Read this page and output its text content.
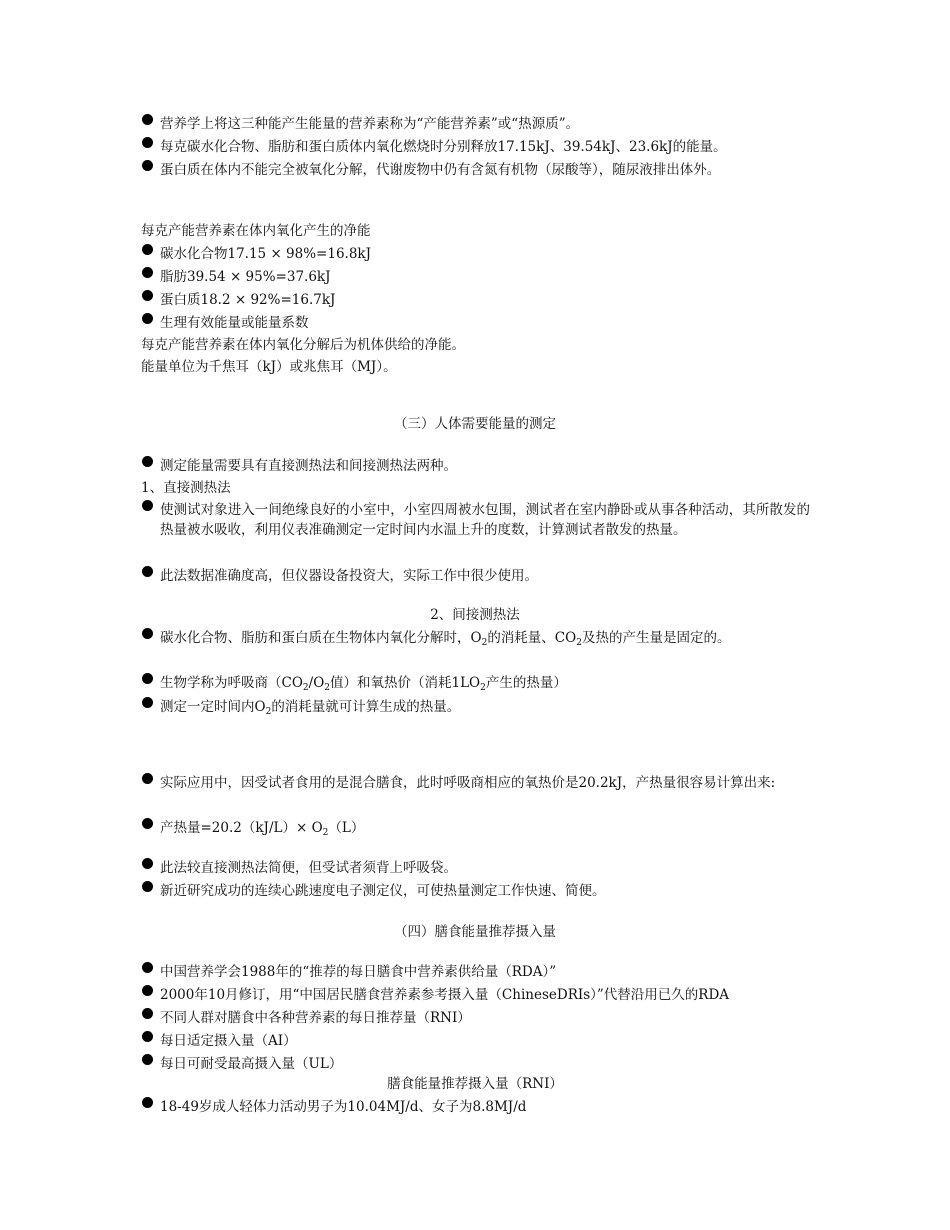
营养学上将这三种能产生能量的营养素称为“产能营养素”或“热源质”。
每克碳水化合物、脂肪和蛋白质体内氧化燃烧时分别释放17.15kJ、39.54kJ、23.6kJ的能量。
蛋白质在体内不能完全被氧化分解，代谢废物中仍有含氮有机物（尿酸等），随尿液排出体外。
每克产能营养素在体内氧化产生的净能
碳水化合物17.15 × 98%=16.8kJ
脂肪39.54 × 95%=37.6kJ
蛋白质18.2 × 92%=16.7kJ
生理有效能量或能量系数
每克产能营养素在体内氧化分解后为机体供给的净能。
能量单位为千焦耳（kJ）或兆焦耳（MJ）。
（三）人体需要能量的测定
测定能量需要具有直接测热法和间接测热法两种。
1、直接测热法
使测试对象进入一间绝缘良好的小室中，小室四周被水包围，测试者在室内静卧或从事各种活动，其所散发的热量被水吸收，利用仪表准确测定一定时间内水温上升的度数，计算测试者散发的热量。
此法数据准确度高，但仪器设备投资大，实际工作中很少使用。
2、间接测热法
碳水化合物、脂肪和蛋白质在生物体内氧化分解时，$O_2$的消耗量、$CO_2$及热的产生量是固定的。
生物学称为呼吸商（$CO_2/O_2$值）和氧热价（消耗$1LO_2$产生的热量）
测定一定时间内$O_2$的消耗量就可计算生成的热量。
实际应用中，因受试者食用的是混合膳食，此时呼吸商相应的氧热价是20.2kJ，产热量很容易计算出来:
产热量$=20.2(kJ/L)\times O_2(L)$
此法较直接测热法简便，但受试者须背上呼吸袋。
新近研究成功的连续心跳速度电子测定仪，可使热量测定工作快速、简便。
（四）膳食能量推荐摄入量
中国营养学会1988年的“推荐的每日膳食中营养素供给量（RDA）”
2000年10月修订，用“中国居民膳食营养素参考摄入量（ChineseDRIs）”代替沿用已久的RDA
不同人群对膳食中各种营养素的每日推荐量（RNI）
每日适定摄入量（AI）
每日可耐受最高摄入量（UL）
膳食能量推荐摄入量（RNI）
18-49岁成人轻体力活动男子为10.04MJ/d、女子为8.8MJ/d
